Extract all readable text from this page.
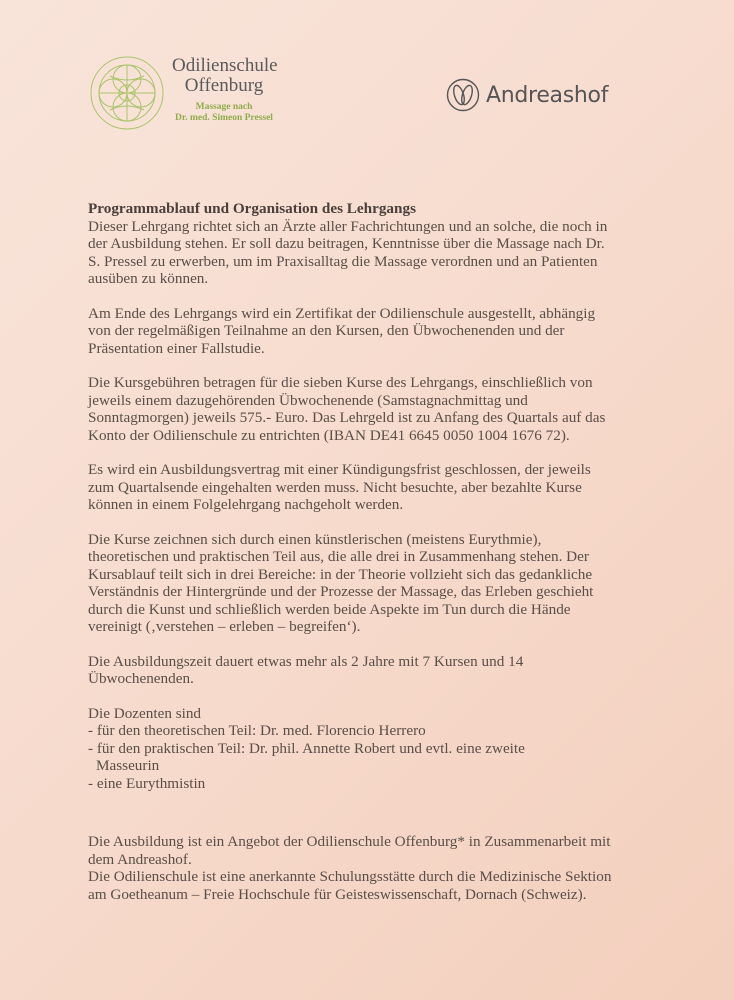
Odilienschule
Offenburg
Massage nach
Dr. med. Simeon Pressel
Andreashof
Programmablauf und Organisation des Lehrgangs

Dieser Lehrgang richtet sich an Ärzte aller Fachrichtungen und an solche, die noch in der Ausbildung stehen. Er soll dazu beitragen, Kenntnisse über die Massage nach Dr. S. Pressel zu erwerben, um im Praxisalltag die Massage verordnen und an Patienten ausüben zu können.

Am Ende des Lehrgangs wird ein Zertifikat der Odilienschule ausgestellt, abhängig von der regelmäßigen Teilnahme an den Kursen, den Übwochenenden und der Präsentation einer Fallstudie.

Die Kursgebühren betragen für die sieben Kurse des Lehrgangs, einschließlich von jeweils einem dazugehörenden Übwochenende (Samstagnachmittag und Sonntagmorgen) jeweils 575.- Euro. Das Lehrgeld ist zu Anfang des Quartals auf das Konto der Odilienschule zu entrichten (IBAN DE41 6645 0050 1004 1676 72).

Es wird ein Ausbildungsvertrag mit einer Kündigungsfrist geschlossen, der jeweils zum Quartalsende eingehalten werden muss. Nicht besuchte, aber bezahlte Kurse können in einem Folgelehrgang nachgeholt werden.

Die Kurse zeichnen sich durch einen künstlerischen (meistens Eurythmie), theoretischen und praktischen Teil aus, die alle drei in Zusammenhang stehen. Der Kursablauf teilt sich in drei Bereiche: in der Theorie vollzieht sich das gedankliche Verständnis der Hintergründe und der Prozesse der Massage, das Erleben geschieht durch die Kunst und schließlich werden beide Aspekte im Tun durch die Hände vereinigt (‚verstehen – erleben – begreifen‘).

Die Ausbildungszeit dauert etwas mehr als 2 Jahre mit 7 Kursen und 14 Übwochenenden.

Die Dozenten sind

- für den theoretischen Teil: Dr. med. Florencio Herrero

- für den praktischen Teil: Dr. phil. Annette Robert und evtl. eine zweite

Masseurin

- eine Eurythmistin

Die Ausbildung ist ein Angebot der Odilienschule Offenburg* in Zusammenarbeit mit dem Andreashof.

Die Odilienschule ist eine anerkannte Schulungsstätte durch die Medizinische Sektion am Goetheanum – Freie Hochschule für Geisteswissenschaft, Dornach (Schweiz).
